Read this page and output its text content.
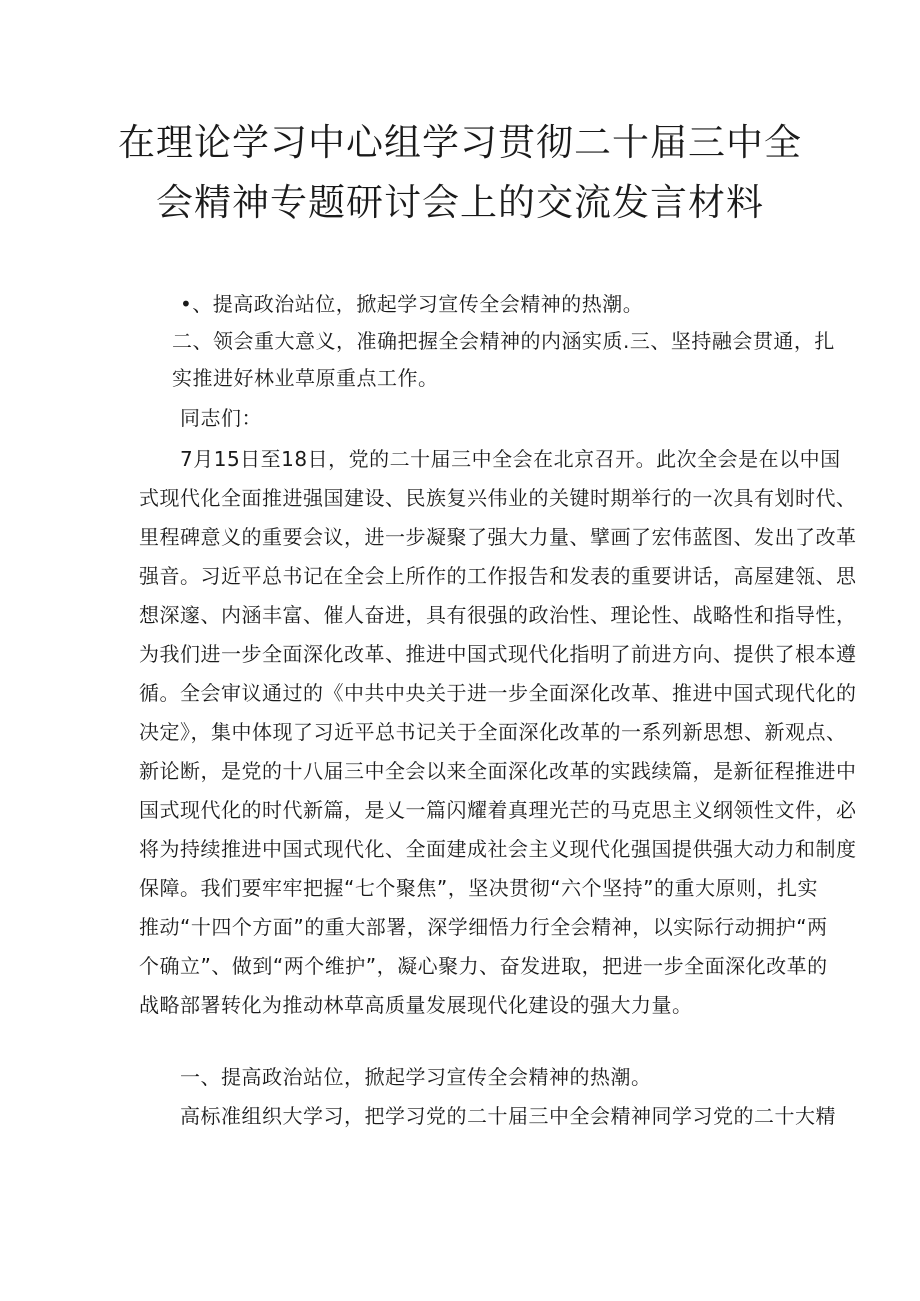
在理论学习中心组学习贯彻二十届三中全
会精神专题研讨会上的交流发言材料

•、提高政治站位，掀起学习宣传全会精神的热潮。

二、领会重大意义，准确把握全会精神的内涵实质.三、坚持融会贯通，扎

实推进好林业草原重点工作。

同志们：

7月15日至18日，党的二十届三中全会在北京召开。此次全会是在以中国

式现代化全面推进强国建设、民族复兴伟业的关键时期举行的一次具有划时代、

里程碑意义的重要会议，进一步凝聚了强大力量、擘画了宏伟蓝图、发出了改革

强音。习近平总书记在全会上所作的工作报告和发表的重要讲话，高屋建瓴、思

想深邃、内涵丰富、催人奋进，具有很强的政治性、理论性、战略性和指导性，

为我们进一步全面深化改革、推进中国式现代化指明了前进方向、提供了根本遵

循。全会审议通过的《中共中央关于进一步全面深化改革、推进中国式现代化的

决定》，集中体现了习近平总书记关于全面深化改革的一系列新思想、新观点、

新论断，是党的十八届三中全会以来全面深化改革的实践续篇，是新征程推进中

国式现代化的时代新篇，是乂一篇闪耀着真理光芒的马克思主义纲领性文件，必

将为持续推进中国式现代化、全面建成社会主义现代化强国提供强大动力和制度

保障。我们要牢牢把握“七个聚焦”，坚决贯彻“六个坚持”的重大原则，扎实

推动“十四个方面”的重大部署，深学细悟力行全会精神，以实际行动拥护“两

个确立”、做到“两个维护”，凝心聚力、奋发进取，把进一步全面深化改革的

战略部署转化为推动林草高质量发展现代化建设的强大力量。

一、提高政治站位，掀起学习宣传全会精神的热潮。

高标准组织大学习，把学习党的二十届三中全会精神同学习党的二十大精
